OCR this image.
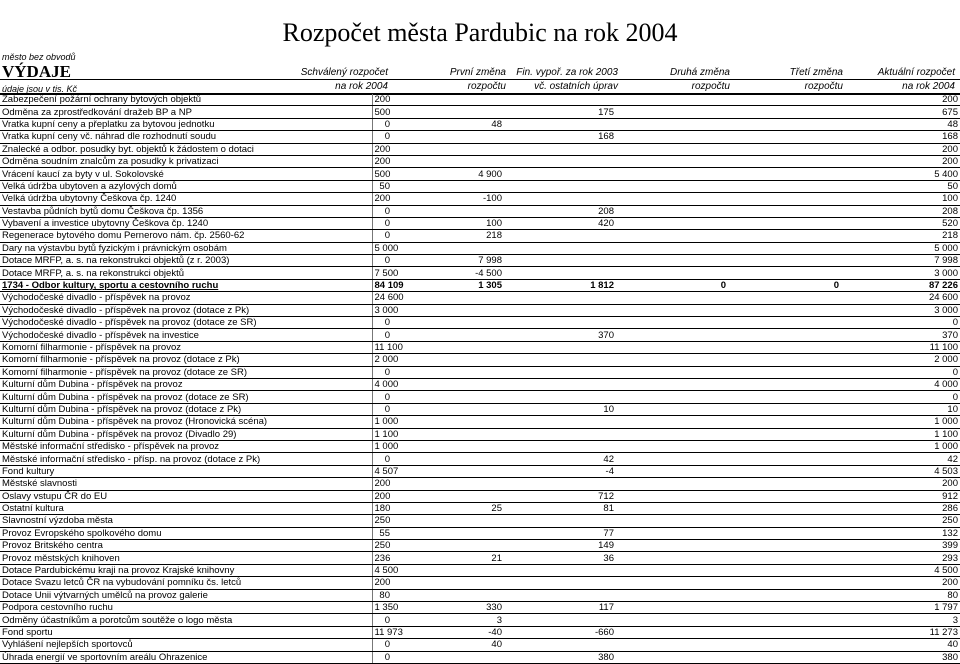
Rozpočet města Pardubic na rok 2004
město bez obvodů
VÝDAJE
údaje jsou v tis. Kč
Schválený rozpočet
na rok 2004
První změna
rozpočtu
Fin. vypoř. za rok 2003
vč. ostatních úprav
Druhá změna
rozpočtu
Třetí změna
rozpočtu
Aktuální rozpočet
na rok 2004
Zabezpečení požární ochrany bytových objektů	200					200
Odměna za zprostředkování dražeb BP a NP	500		175			675
Vratka kupní ceny a přeplatku za bytovou jednotku	0	48				48
Vratka kupní ceny vč. náhrad dle rozhodnutí soudu	0		168			168
Znalecké a odbor. posudky byt. objektů k žádostem o dotaci	200					200
Odměna soudním znalcům za posudky k privatizaci	200					200
Vrácení kaucí za byty v ul. Sokolovské	500	4 900				5 400
Velká údržba ubytoven a azylových domů	50					50
Velká údržba ubytovny Češkova čp. 1240	200	-100				100
Vestavba půdních bytů domu Češkova čp. 1356	0		208			208
Vybavení a investice ubytovny Češkova čp. 1240	0	100	420			520
Regenerace bytového domu Pernerovo nám. čp. 2560-62	0	218				218
Dary na výstavbu bytů fyzickým i právnickým osobám	5 000					5 000
Dotace MRFP, a. s. na rekonstrukci objektů (z r. 2003)	0	7 998				7 998
Dotace MRFP, a. s. na rekonstrukci objektů	7 500	-4 500				3 000
1734 - Odbor kultury, sportu a cestovního ruchu	84 109	1 305	1 812	0	0	87 226
Východočeské divadlo - příspěvek na provoz	24 600					24 600
Východočeské divadlo - příspěvek na provoz (dotace z Pk)	3 000					3 000
Východočeské divadlo - příspěvek na provoz (dotace ze SR)	0					0
Východočeské divadlo - příspěvek na investice	0		370			370
Komorní filharmonie - příspěvek na provoz	11 100					11 100
Komorní filharmonie - příspěvek na provoz (dotace z Pk)	2 000					2 000
Komorní filharmonie - příspěvek na provoz (dotace ze SR)	0					0
Kulturní dům Dubina - příspěvek na provoz	4 000					4 000
Kulturní dům Dubina - příspěvek na provoz (dotace ze SR)	0					0
Kulturní dům Dubina - příspěvek na provoz (dotace z Pk)	0		10			10
Kulturní dům Dubina - příspěvek na provoz (Hronovická scéna)	1 000					1 000
Kulturní dům Dubina - příspěvek na provoz (Divadlo 29)	1 100					1 100
Městské informační středisko - příspěvek na provoz	1 000					1 000
Městské informační středisko - přísp. na provoz (dotace z Pk)	0		42			42
Fond kultury	4 507		-4			4 503
Městské slavnosti	200					200
Oslavy vstupu ČR do EU	200		712			912
Ostatní kultura	180	25	81			286
Slavnostní výzdoba města	250					250
Provoz Evropského spolkového domu	55		77			132
Provoz Britského centra	250		149			399
Provoz městských knihoven	236	21	36			293
Dotace Pardubickému kraji na provoz Krajské knihovny	4 500					4 500
Dotace Svazu letců ČR na vybudování pomníku čs. letců	200					200
Dotace Unii výtvarných umělců na provoz galerie	80					80
Podpora cestovního ruchu	1 350	330	117			1 797
Odměny účastníkům a porotcům soutěže o logo města	0	3				3
Fond sportu	11 973	-40	-660			11 273
Vyhlášení nejlepších sportovců	0	40				40
Úhrada energií ve sportovním areálu Ohrazenice	0		380			380
